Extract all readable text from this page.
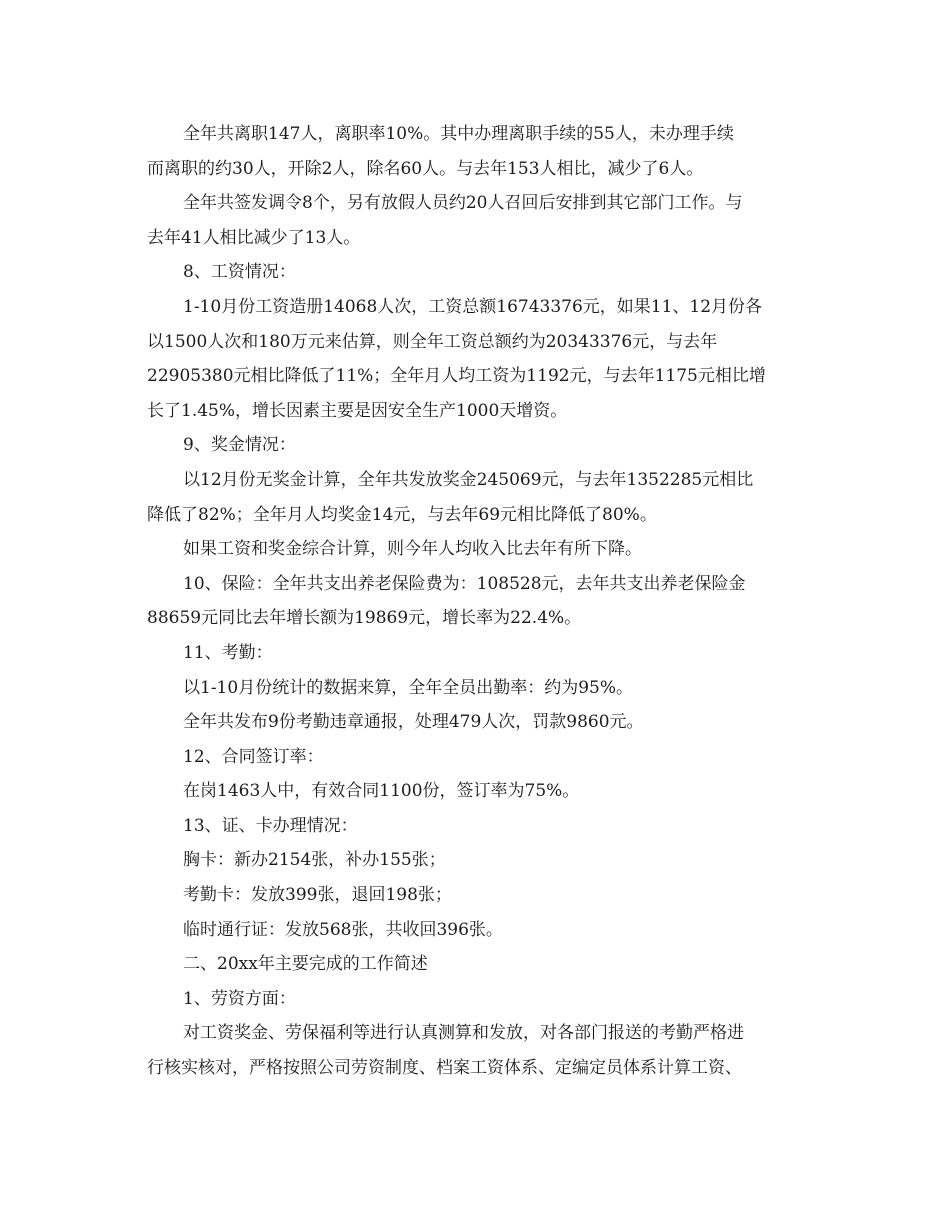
全年共离职147人，离职率10%。其中办理离职手续的55人，未办理手续
而离职的约30人，开除2人，除名60人。与去年153人相比，减少了6人。
全年共签发调令8个，另有放假人员约20人召回后安排到其它部门工作。与
去年41人相比减少了13人。
8、工资情况：
1-10月份工资造册14068人次，工资总额16743376元，如果11、12月份各
以1500人次和180万元来估算，则全年工资总额约为20343376元，与去年
22905380元相比降低了11%；全年月人均工资为1192元，与去年1175元相比增
长了1.45%，增长因素主要是因安全生产1000天增资。
9、奖金情况：
以12月份无奖金计算，全年共发放奖金245069元，与去年1352285元相比
降低了82%；全年月人均奖金14元，与去年69元相比降低了80%。
如果工资和奖金综合计算，则今年人均收入比去年有所下降。
10、保险：全年共支出养老保险费为：108528元，去年共支出养老保险金
88659元同比去年增长额为19869元，增长率为22.4%。
11、考勤：
以1-10月份统计的数据来算，全年全员出勤率：约为95%。
全年共发布9份考勤违章通报，处理479人次，罚款9860元。
12、合同签订率：
在岗1463人中，有效合同1100份，签订率为75%。
13、证、卡办理情况：
胸卡：新办2154张，补办155张；
考勤卡：发放399张，退回198张；
临时通行证：发放568张，共收回396张。
二、20xx年主要完成的工作简述
1、劳资方面：
对工资奖金、劳保福利等进行认真测算和发放，对各部门报送的考勤严格进
行核实核对，严格按照公司劳资制度、档案工资体系、定编定员体系计算工资、
